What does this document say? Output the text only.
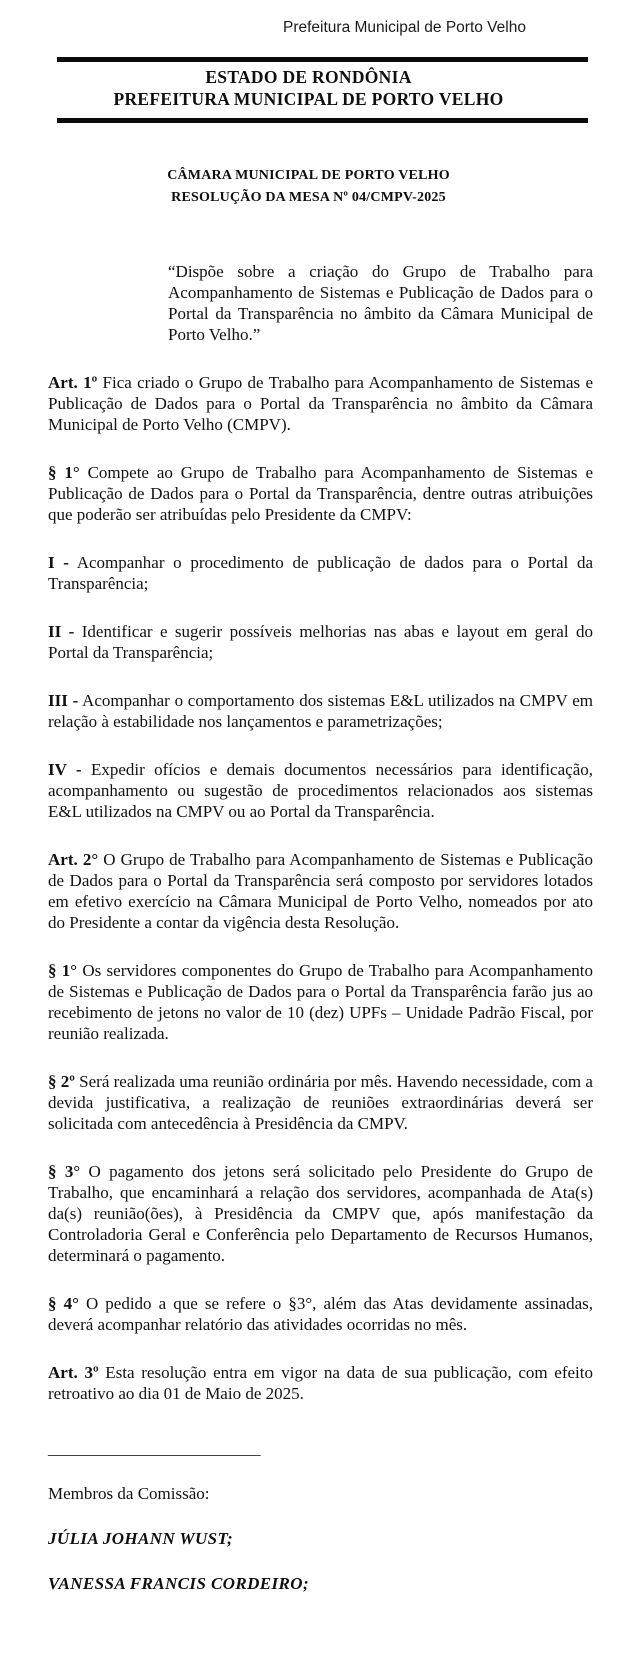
Prefeitura Municipal de Porto Velho
ESTADO DE RONDÔNIA
PREFEITURA MUNICIPAL DE PORTO VELHO
CÂMARA MUNICIPAL DE PORTO VELHO
RESOLUÇÃO DA MESA Nº 04/CMPV-2025
“Dispõe sobre a criação do Grupo de Trabalho para Acompanhamento de Sistemas e Publicação de Dados para o Portal da Transparência no âmbito da Câmara Municipal de Porto Velho.”

Art. 1º Fica criado o Grupo de Trabalho para Acompanhamento de Sistemas e Publicação de Dados para o Portal da Transparência no âmbito da Câmara Municipal de Porto Velho (CMPV).

§ 1° Compete ao Grupo de Trabalho para Acompanhamento de Sistemas e Publicação de Dados para o Portal da Transparência, dentre outras atribuições que poderão ser atribuídas pelo Presidente da CMPV:

I - Acompanhar o procedimento de publicação de dados para o Portal da Transparência;

II - Identificar e sugerir possíveis melhorias nas abas e layout em geral do Portal da Transparência;

III - Acompanhar o comportamento dos sistemas E&L utilizados na CMPV em relação à estabilidade nos lançamentos e parametrizações;

IV - Expedir ofícios e demais documentos necessários para identificação, acompanhamento ou sugestão de procedimentos relacionados aos sistemas E&L utilizados na CMPV ou ao Portal da Transparência.

Art. 2° O Grupo de Trabalho para Acompanhamento de Sistemas e Publicação de Dados para o Portal da Transparência será composto por servidores lotados em efetivo exercício na Câmara Municipal de Porto Velho, nomeados por ato do Presidente a contar da vigência desta Resolução.

§ 1° Os servidores componentes do Grupo de Trabalho para Acompanhamento de Sistemas e Publicação de Dados para o Portal da Transparência farão jus ao recebimento de jetons no valor de 10 (dez) UPFs – Unidade Padrão Fiscal, por reunião realizada.

§ 2º Será realizada uma reunião ordinária por mês. Havendo necessidade, com a devida justificativa, a realização de reuniões extraordinárias deverá ser solicitada com antecedência à Presidência da CMPV.

§ 3° O pagamento dos jetons será solicitado pelo Presidente do Grupo de Trabalho, que encaminhará a relação dos servidores, acompanhada de Ata(s) da(s) reunião(ões), à Presidência da CMPV que, após manifestação da Controladoria Geral e Conferência pelo Departamento de Recursos Humanos, determinará o pagamento.

§ 4° O pedido a que se refere o §3°, além das Atas devidamente assinadas, deverá acompanhar relatório das atividades ocorridas no mês.

Art. 3º Esta resolução entra em vigor na data de sua publicação, com efeito retroativo ao dia 01 de Maio de 2025.

_________________________
Membros da Comissão:
JÚLIA JOHANN WUST;
VANESSA FRANCIS CORDEIRO;
